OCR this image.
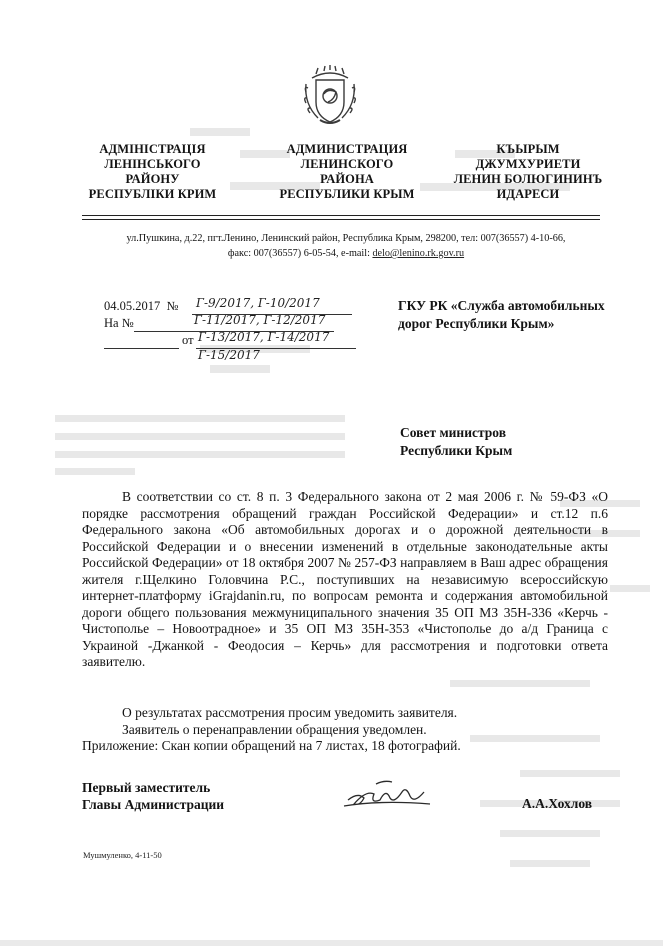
АДМІНІСТРАЦІЯ
ЛЕНІНСЬКОГО
РАЙОНУ
РЕСПУБЛІКИ КРИМ
АДМИНИСТРАЦИЯ
ЛЕНИНСКОГО
РАЙОНА
РЕСПУБЛИКИ КРЫМ
КЪЫРЫМ
ДЖУМХУРИЕТИ
ЛЕНИН БОЛЮГИНИНЪ
ИДАРЕСИ
ул.Пушкина, д.22, пгт.Ленино, Ленинский район, Республика Крым, 298200, тел: 007(36557) 4-10-66,
факс: 007(36557) 6-05-54, e-mail: delo@lenino.rk.gov.ru
04.05.2017 №
На №
от
Г-9/2017, Г-10/2017
Г-11/2017, Г-12/2017
Г-13/2017, Г-14/2017
Г-15/2017
ГКУ РК «Служба автомобильных
дорог Республики Крым»
Совет министров
Республики Крым

В соответствии со ст. 8 п. 3 Федерального закона от 2 мая 2006 г. № 59-ФЗ «О порядке рассмотрения обращений граждан Российской Федерации» и ст.12 п.6 Федерального закона «Об автомобильных дорогах и о дорожной деятельности в Российской Федерации и о внесении изменений в отдельные законодательные акты Российской Федерации» от 18 октября 2007 № 257-ФЗ направляем в Ваш адрес обращения жителя г.Щелкино Головчина Р.С., поступивших на независимую всероссийскую интернет-платформу iGrajdanin.ru, по вопросам ремонта и содержания автомобильной дороги общего пользования межмуниципального значения 35 ОП МЗ 35Н-336 «Керчь - Чистополье – Новоотрадное» и 35 ОП МЗ 35Н-353 «Чистополье до а/д Граница с Украиной -Джанкой - Феодосия – Керчь» для рассмотрения и подготовки ответа заявителю.

О результатах рассмотрения просим уведомить заявителя.
Заявитель о перенаправлении обращения уведомлен.
Приложение: Скан копии обращений на 7 листах, 18 фотографий.
Первый заместитель
Главы Администрации	А.А.Хохлов
Мушмуленко, 4-11-50
